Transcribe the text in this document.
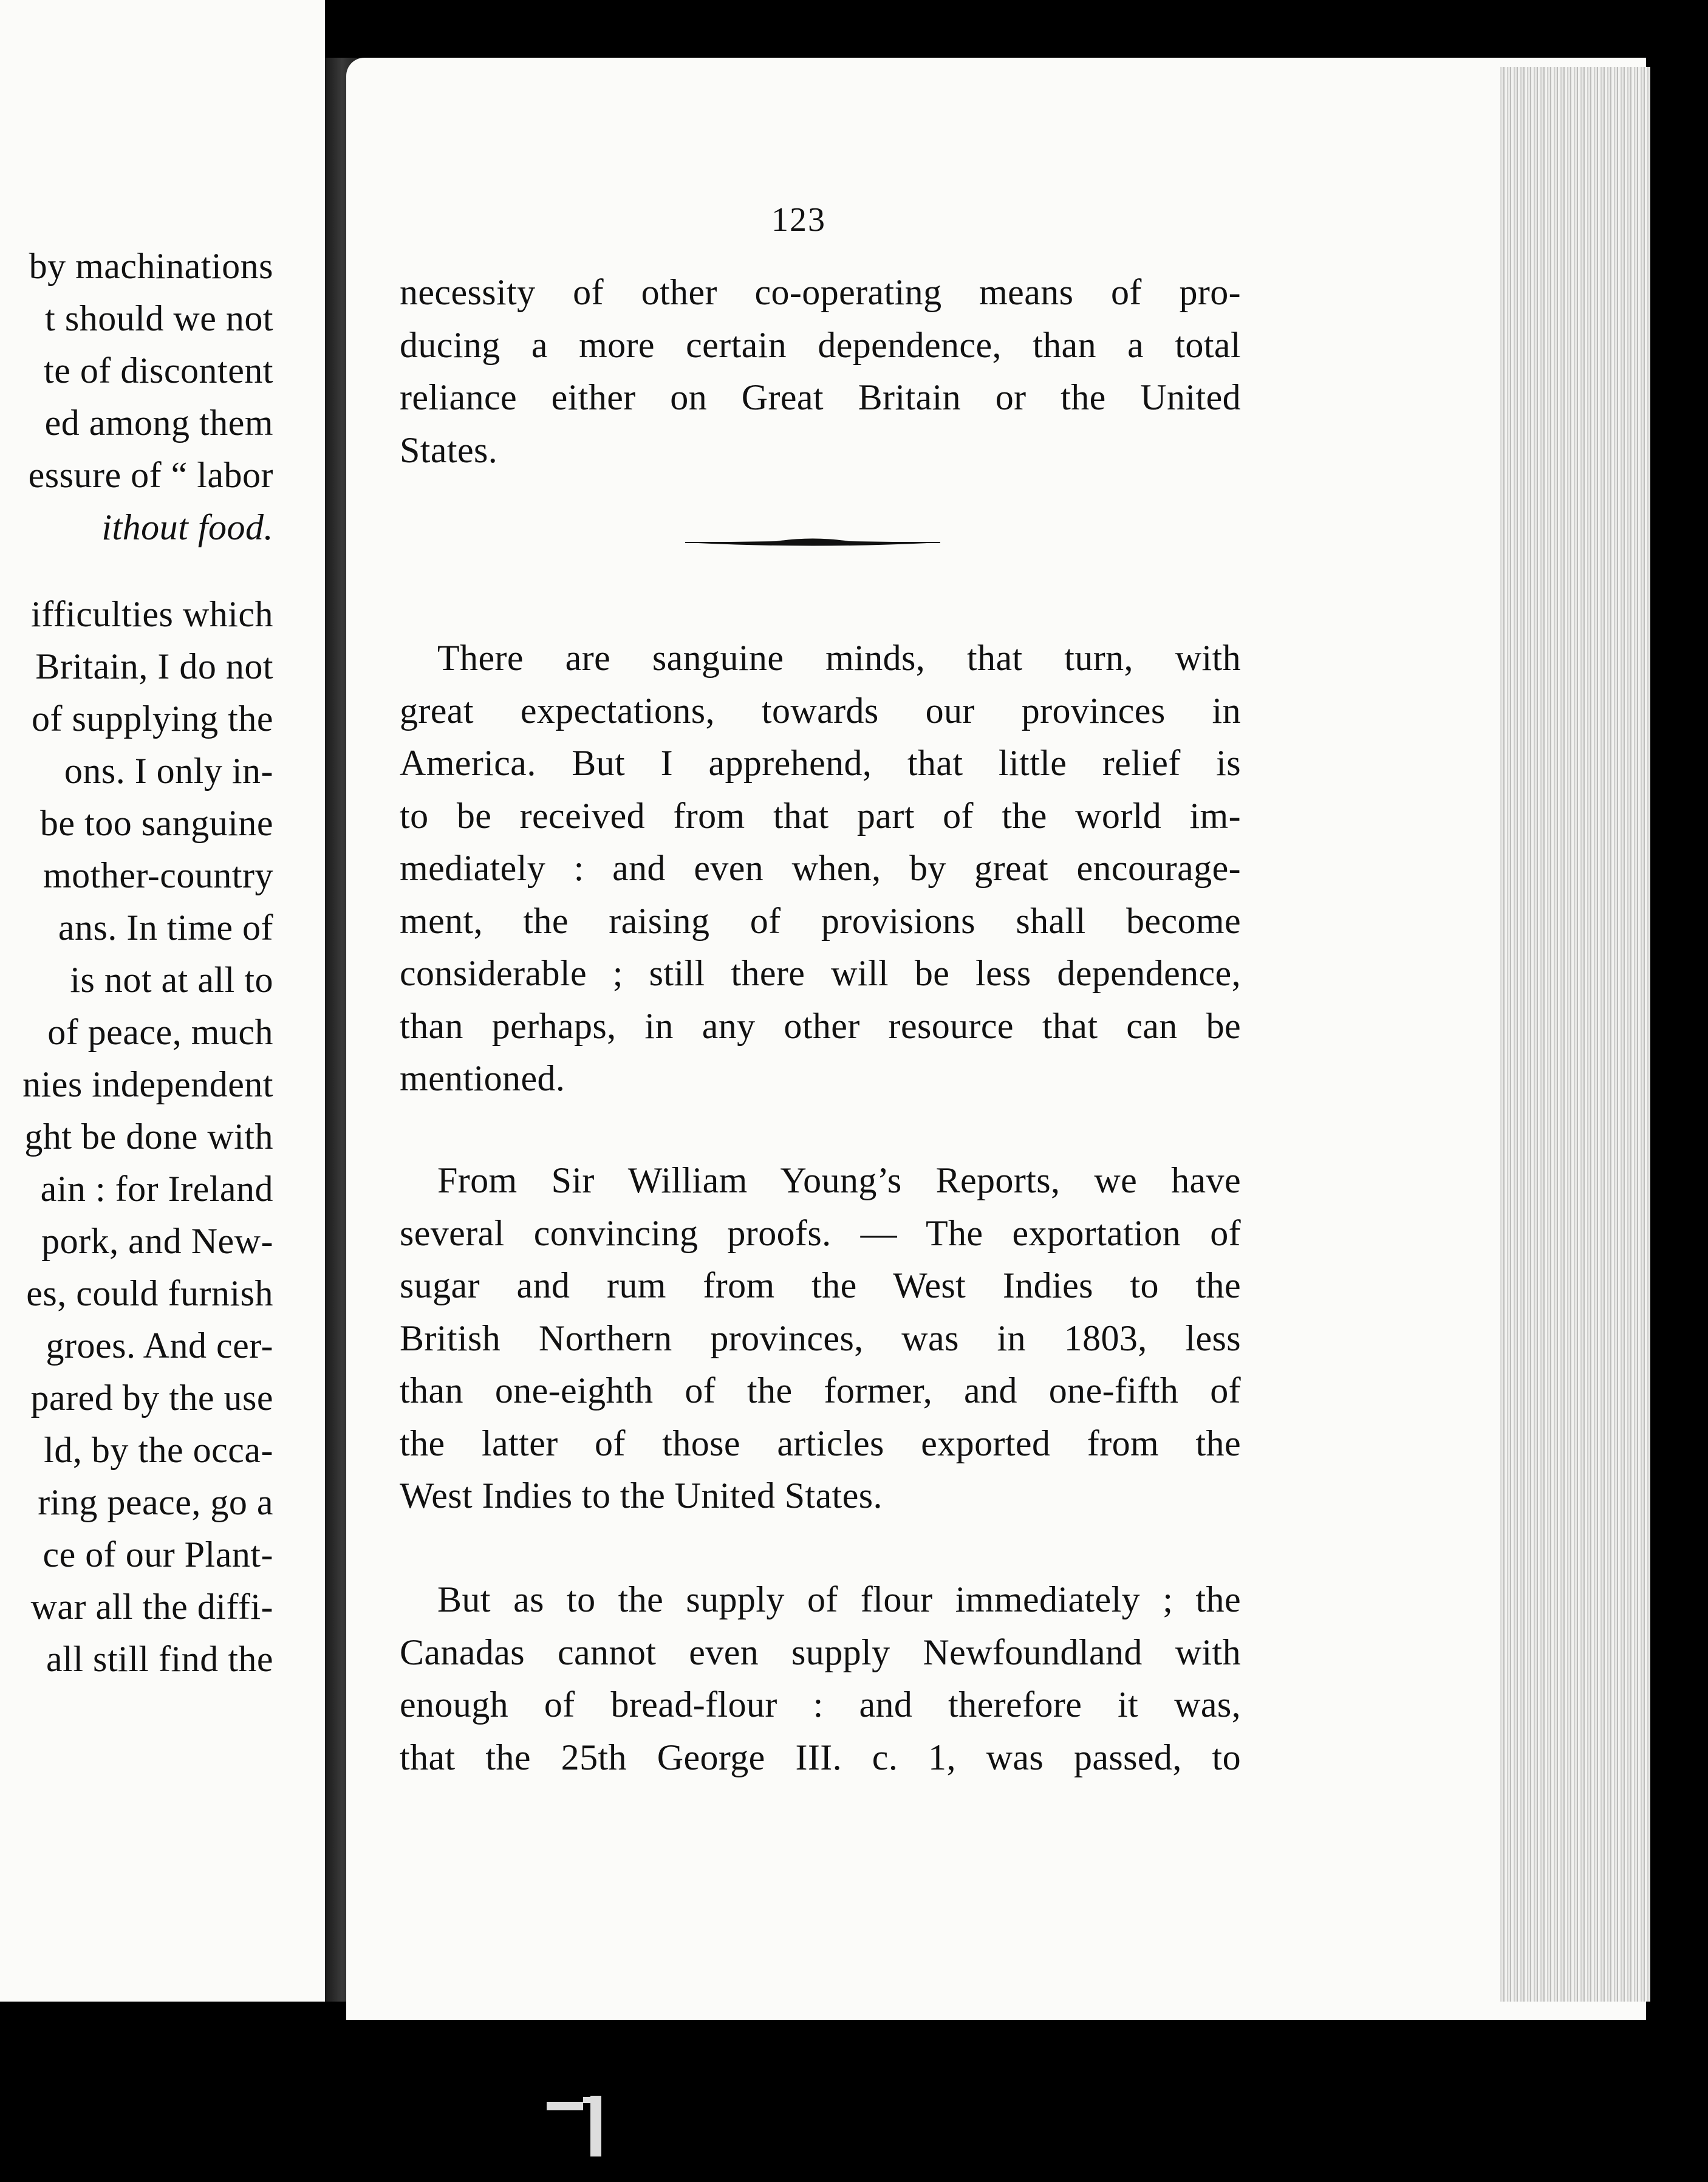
by machinations
t should we not
te of discontent
ed among them
essure of “ labor
ithout food.
ifficulties which
Britain, I do not
of supplying the
ons. I only in-
be too sanguine
mother-country
ans. In time of
is not at all to
of peace, much
nies independent
ght be done with
ain : for Ireland
pork, and New-
es, could furnish
groes. And cer-
pared by the use
ld, by the occa-
ring peace, go a
ce of our Plant-
war all the diffi-
all still find the
123
necessity of other co-operating means of pro-
ducing a more certain dependence, than a total
reliance either on Great Britain or the United
States.
There are sanguine minds, that turn, with
great expectations, towards our provinces in
America. But I apprehend, that little relief is
to be received from that part of the world im-
mediately : and even when, by great encourage-
ment, the raising of provisions shall become
considerable ; still there will be less dependence,
than perhaps, in any other resource that can be
mentioned.
From Sir William Young’s Reports, we have
several convincing proofs. — The exportation of
sugar and rum from the West Indies to the
British Northern provinces, was in 1803, less
than one-eighth of the former, and one-fifth of
the latter of those articles exported from the
West Indies to the United States.
But as to the supply of flour immediately ; the
Canadas cannot even supply Newfoundland with
enough of bread-flour : and therefore it was,
that the 25th George III. c. 1, was passed, to
